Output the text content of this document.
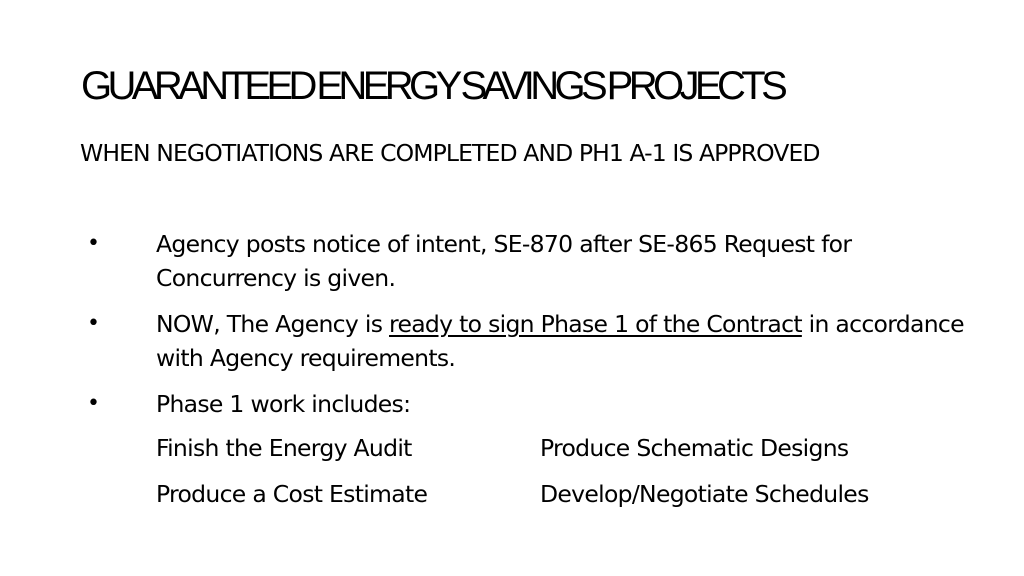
GUARANTEED ENERGY SAVINGS PROJECTS
WHEN NEGOTIATIONS ARE COMPLETED AND PH1 A-1 IS APPROVED
• Agency posts notice of intent, SE-870 after SE-865 Request for Concurrency is given.
• NOW, The Agency is ready to sign Phase 1 of the Contract in accordance with Agency requirements.
• Phase 1 work includes:
Finish the Energy Audit	Produce Schematic Designs
Produce a Cost Estimate	Develop/Negotiate Schedules
